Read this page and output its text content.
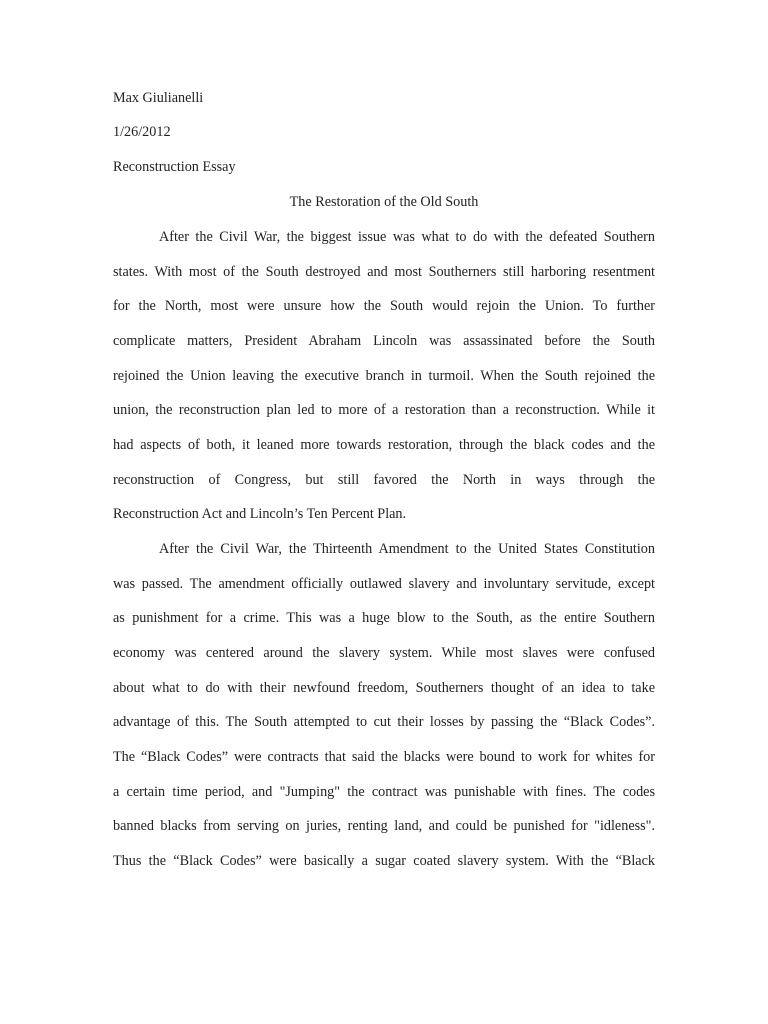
Max Giulianelli
1/26/2012
Reconstruction Essay
The Restoration of the Old South
After the Civil War, the biggest issue was what to do with the defeated Southern
states. With most of the South destroyed and most Southerners still harboring resentment
for the North, most were unsure how the South would rejoin the Union. To further
complicate matters, President Abraham Lincoln was assassinated before the South
rejoined the Union leaving the executive branch in turmoil. When the South rejoined the
union, the reconstruction plan led to more of a restoration than a reconstruction. While it
had aspects of both, it leaned more towards restoration, through the black codes and the
reconstruction of Congress, but still favored the North in ways through the
Reconstruction Act and Lincoln’s Ten Percent Plan.
After the Civil War, the Thirteenth Amendment to the United States Constitution
was passed. The amendment officially outlawed slavery and involuntary servitude, except
as punishment for a crime. This was a huge blow to the South, as the entire Southern
economy was centered around the slavery system. While most slaves were confused
about what to do with their newfound freedom, Southerners thought of an idea to take
advantage of this. The South attempted to cut their losses by passing the “Black Codes”.
The “Black Codes” were contracts that said the blacks were bound to work for whites for
a certain time period, and "Jumping" the contract was punishable with fines. The codes
banned blacks from serving on juries, renting land, and could be punished for "idleness".
Thus the “Black Codes” were basically a sugar coated slavery system. With the “Black
